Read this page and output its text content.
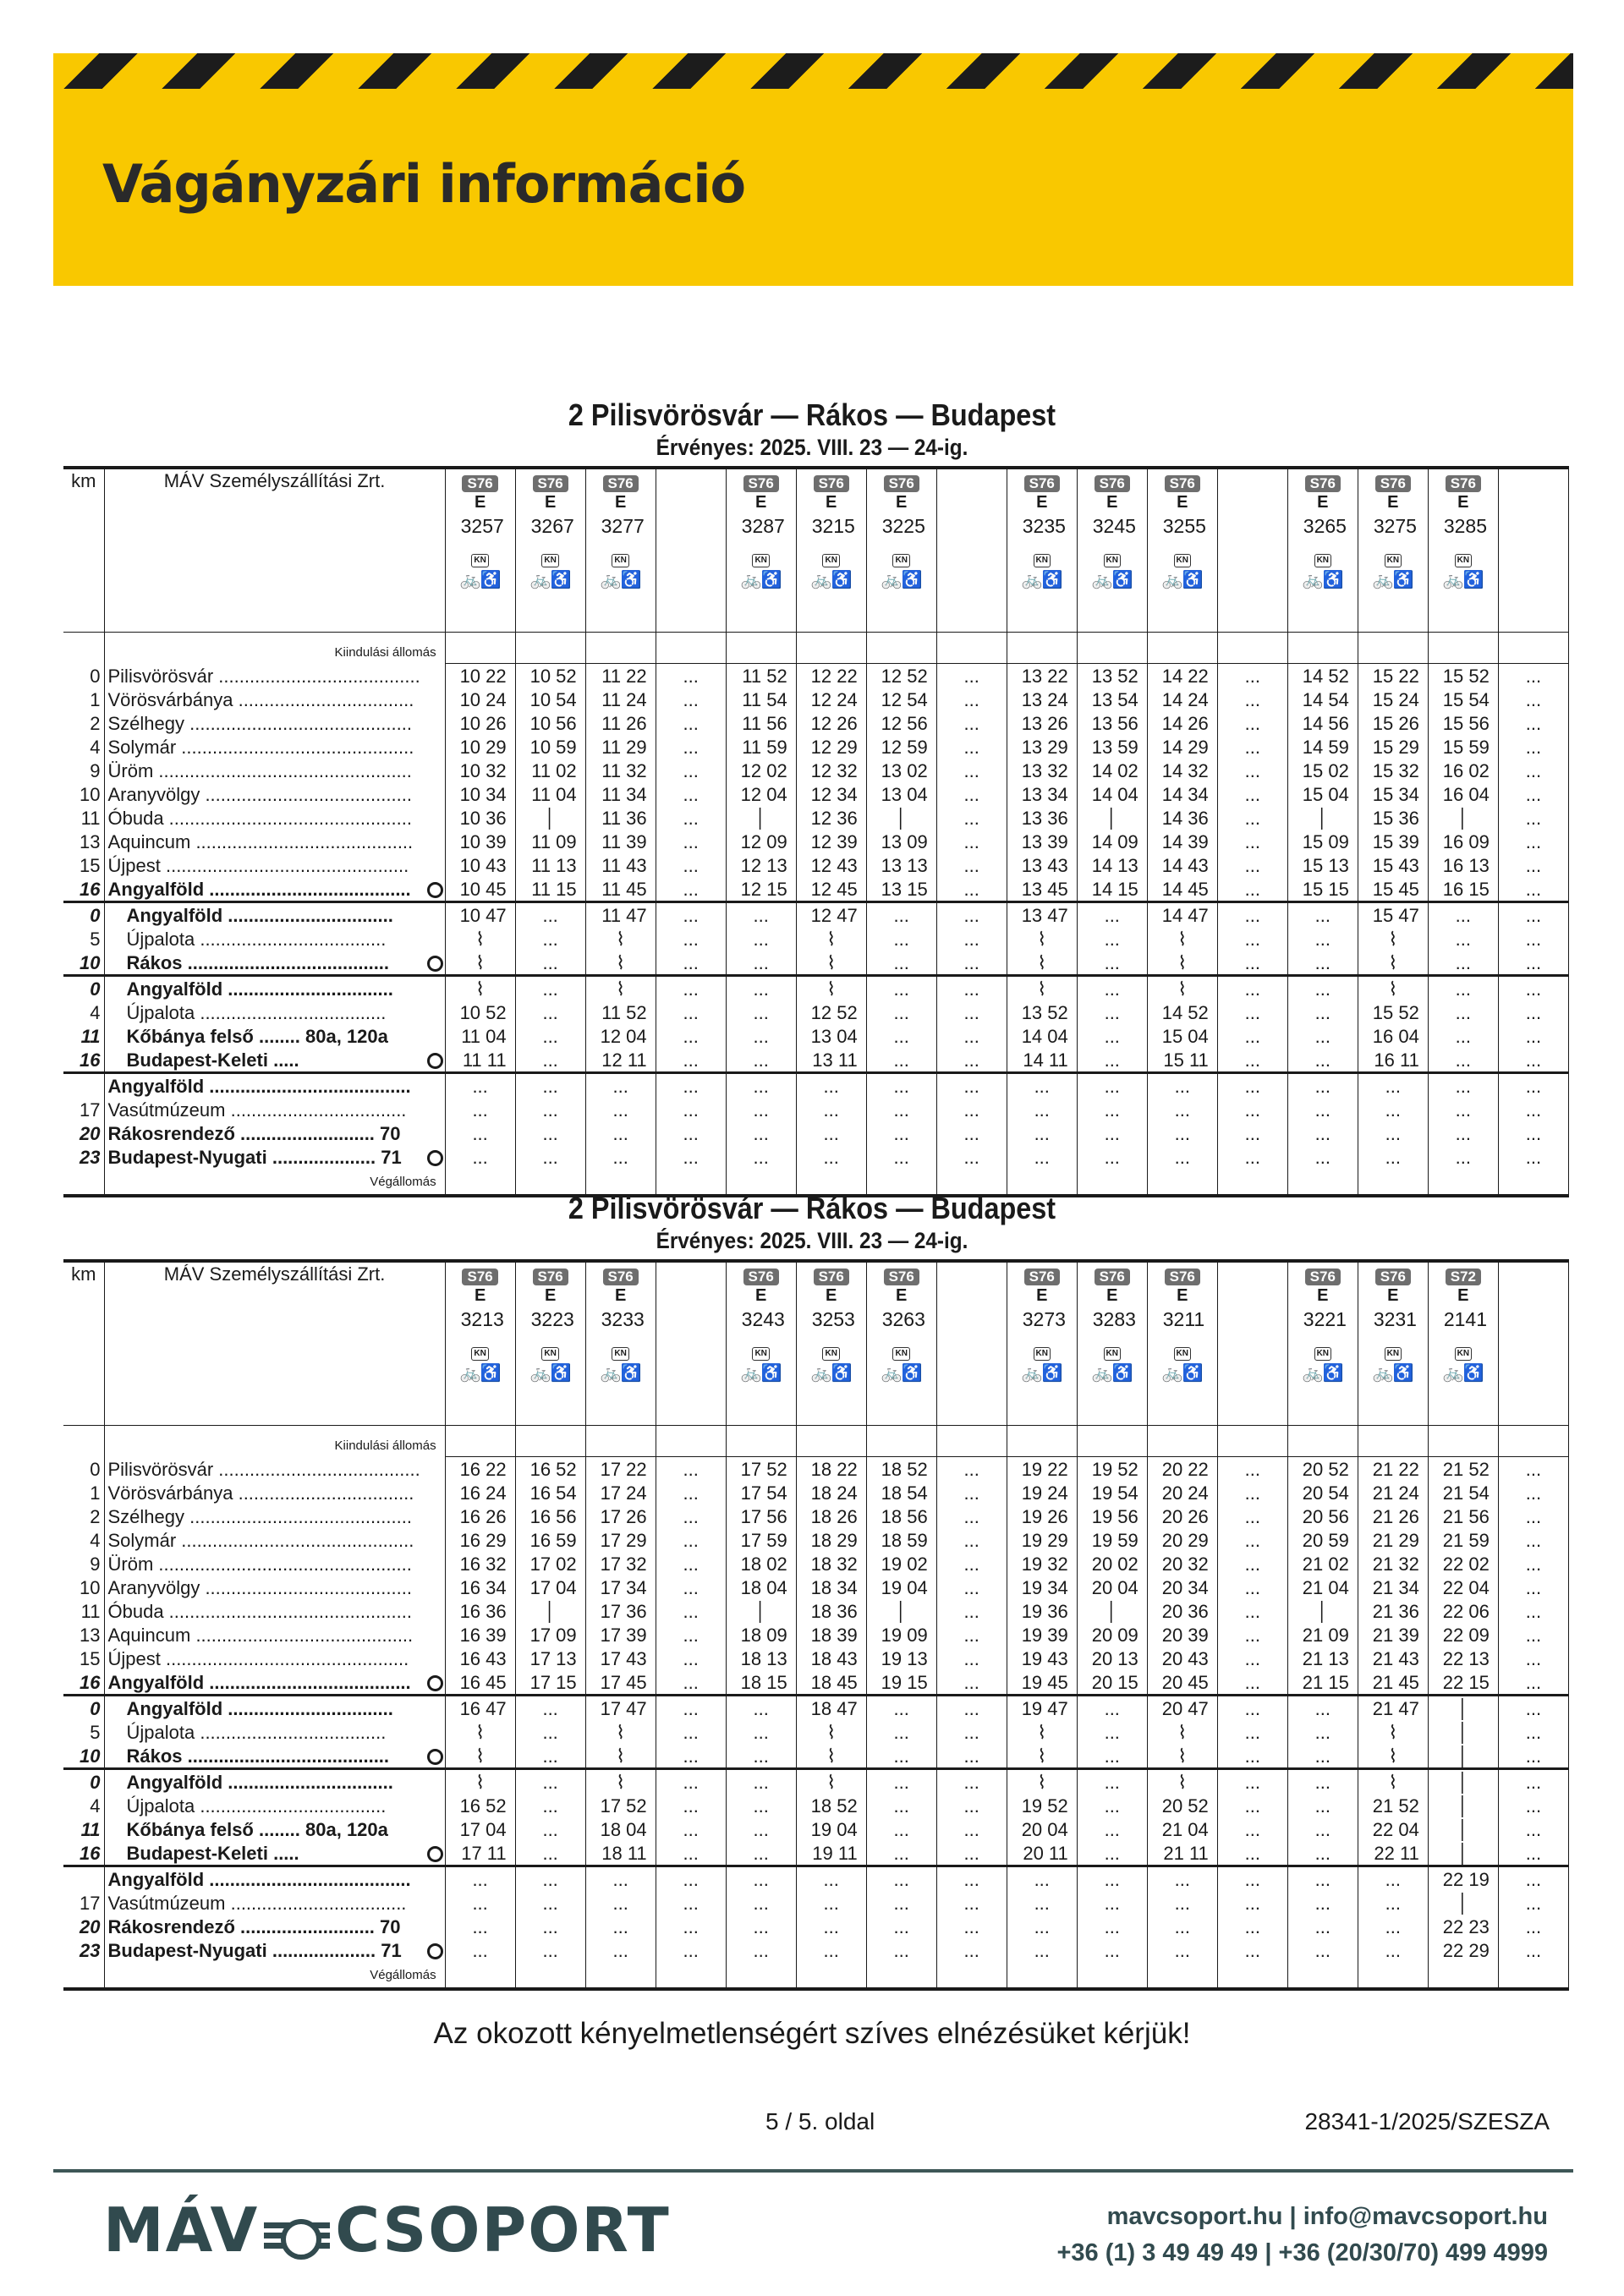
Vágányzári információ
2 Pilisvörösvár — Rákos — Budapest
Érvényes: 2025. VIII. 23 — 24-ig.
km	MÁV Személyszállítási Zrt.	S76
E
3257
KN
🚲♿	S76
E
3267
KN
🚲♿	S76
E
3277
KN
🚲♿		S76
E
3287
KN
🚲♿	S76
E
3215
KN
🚲♿	S76
E
3225
KN
🚲♿		S76
E
3235
KN
🚲♿	S76
E
3245
KN
🚲♿	S76
E
3255
KN
🚲♿		S76
E
3265
KN
🚲♿	S76
E
3275
KN
🚲♿	S76
E
3285
KN
🚲♿	

	Kiindulási állomás																
0	Pilisvörösvár .......................................	10 22	10 52	11 22	...	11 52	12 22	12 52	...	13 22	13 52	14 22	...	14 52	15 22	15 52	...
1	Vörösvárbánya ..................................	10 24	10 54	11 24	...	11 54	12 24	12 54	...	13 24	13 54	14 24	...	14 54	15 24	15 54	...
2	Szélhegy ...........................................	10 26	10 56	11 26	...	11 56	12 26	12 56	...	13 26	13 56	14 26	...	14 56	15 26	15 56	...
4	Solymár .............................................	10 29	10 59	11 29	...	11 59	12 29	12 59	...	13 29	13 59	14 29	...	14 59	15 29	15 59	...
9	Üröm .................................................	10 32	11 02	11 32	...	12 02	12 32	13 02	...	13 32	14 02	14 32	...	15 02	15 32	16 02	...
10	Aranyvölgy ........................................	10 34	11 04	11 34	...	12 04	12 34	13 04	...	13 34	14 04	14 34	...	15 04	15 34	16 04	...
11	Óbuda ...............................................	10 36	│	11 36	...	│	12 36	│	...	13 36	│	14 36	...	│	15 36	│	...
13	Aquincum ..........................................	10 39	11 09	11 39	...	12 09	12 39	13 09	...	13 39	14 09	14 39	...	15 09	15 39	16 09	...
15	Újpest ...............................................	10 43	11 13	11 43	...	12 13	12 43	13 13	...	13 43	14 13	14 43	...	15 13	15 43	16 13	...
16	Angyalföld .......................................	10 45	11 15	11 45	...	12 15	12 45	13 15	...	13 45	14 15	14 45	...	15 15	15 45	16 15	...
0	Angyalföld ................................	10 47	...	11 47	...	...	12 47	...	...	13 47	...	14 47	...	...	15 47	...	...
5	Újpalota ....................................	⌇	...	⌇	...	...	⌇	...	...	⌇	...	⌇	...	...	⌇	...	...
10	Rákos .......................................	⌇	...	⌇	...	...	⌇	...	...	⌇	...	⌇	...	...	⌇	...	...
0	Angyalföld ................................	⌇	...	⌇	...	...	⌇	...	...	⌇	...	⌇	...	...	⌇	...	...
4	Újpalota ....................................	10 52	...	11 52	...	...	12 52	...	...	13 52	...	14 52	...	...	15 52	...	...
11	Kőbánya felső ........ 80a, 120a	11 04	...	12 04	...	...	13 04	...	...	14 04	...	15 04	...	...	16 04	...	...
16	Budapest-Keleti .....	11 11	...	12 11	...	...	13 11	...	...	14 11	...	15 11	...	...	16 11	...	...
	Angyalföld .......................................	...	...	...	...	...	...	...	...	...	...	...	...	...	...	...	...
17	Vasútmúzeum ..................................	...	...	...	...	...	...	...	...	...	...	...	...	...	...	...	...
20	Rákosrendező .......................... 70	...	...	...	...	...	...	...	...	...	...	...	...	...	...	...	...
23	Budapest-Nyugati .................... 71	...	...	...	...	...	...	...	...	...	...	...	...	...	...	...	...
	Végállomás																
2 Pilisvörösvár — Rákos — Budapest
Érvényes: 2025. VIII. 23 — 24-ig.
km	MÁV Személyszállítási Zrt.	S76
E
3213
KN
🚲♿	S76
E
3223
KN
🚲♿	S76
E
3233
KN
🚲♿		S76
E
3243
KN
🚲♿	S76
E
3253
KN
🚲♿	S76
E
3263
KN
🚲♿		S76
E
3273
KN
🚲♿	S76
E
3283
KN
🚲♿	S76
E
3211
KN
🚲♿		S76
E
3221
KN
🚲♿	S76
E
3231
KN
🚲♿	S72
E
2141
KN
🚲♿	

	Kiindulási állomás																
0	Pilisvörösvár .......................................	16 22	16 52	17 22	...	17 52	18 22	18 52	...	19 22	19 52	20 22	...	20 52	21 22	21 52	...
1	Vörösvárbánya ..................................	16 24	16 54	17 24	...	17 54	18 24	18 54	...	19 24	19 54	20 24	...	20 54	21 24	21 54	...
2	Szélhegy ...........................................	16 26	16 56	17 26	...	17 56	18 26	18 56	...	19 26	19 56	20 26	...	20 56	21 26	21 56	...
4	Solymár .............................................	16 29	16 59	17 29	...	17 59	18 29	18 59	...	19 29	19 59	20 29	...	20 59	21 29	21 59	...
9	Üröm .................................................	16 32	17 02	17 32	...	18 02	18 32	19 02	...	19 32	20 02	20 32	...	21 02	21 32	22 02	...
10	Aranyvölgy ........................................	16 34	17 04	17 34	...	18 04	18 34	19 04	...	19 34	20 04	20 34	...	21 04	21 34	22 04	...
11	Óbuda ...............................................	16 36	│	17 36	...	│	18 36	│	...	19 36	│	20 36	...	│	21 36	22 06	...
13	Aquincum ..........................................	16 39	17 09	17 39	...	18 09	18 39	19 09	...	19 39	20 09	20 39	...	21 09	21 39	22 09	...
15	Újpest ...............................................	16 43	17 13	17 43	...	18 13	18 43	19 13	...	19 43	20 13	20 43	...	21 13	21 43	22 13	...
16	Angyalföld .......................................	16 45	17 15	17 45	...	18 15	18 45	19 15	...	19 45	20 15	20 45	...	21 15	21 45	22 15	...
0	Angyalföld ................................	16 47	...	17 47	...	...	18 47	...	...	19 47	...	20 47	...	...	21 47	│	...
5	Újpalota ....................................	⌇	...	⌇	...	...	⌇	...	...	⌇	...	⌇	...	...	⌇	│	...
10	Rákos .......................................	⌇	...	⌇	...	...	⌇	...	...	⌇	...	⌇	...	...	⌇	│	...
0	Angyalföld ................................	⌇	...	⌇	...	...	⌇	...	...	⌇	...	⌇	...	...	⌇	│	...
4	Újpalota ....................................	16 52	...	17 52	...	...	18 52	...	...	19 52	...	20 52	...	...	21 52	│	...
11	Kőbánya felső ........ 80a, 120a	17 04	...	18 04	...	...	19 04	...	...	20 04	...	21 04	...	...	22 04	│	...
16	Budapest-Keleti .....	17 11	...	18 11	...	...	19 11	...	...	20 11	...	21 11	...	...	22 11	│	...
	Angyalföld .......................................	...	...	...	...	...	...	...	...	...	...	...	...	...	...	22 19	...
17	Vasútmúzeum ..................................	...	...	...	...	...	...	...	...	...	...	...	...	...	...	│	...
20	Rákosrendező .......................... 70	...	...	...	...	...	...	...	...	...	...	...	...	...	...	22 23	...
23	Budapest-Nyugati .................... 71	...	...	...	...	...	...	...	...	...	...	...	...	...	...	22 29	...
	Végállomás																
Az okozott kényelmetlenségért szíves elnézésüket kérjük!
5 / 5. oldal	28341-1/2025/SZESZA
MÁV CSOPORT	mavcsoport.hu | info@mavcsoport.hu
+36 (1) 3 49 49 49 | +36 (20/30/70) 499 4999
